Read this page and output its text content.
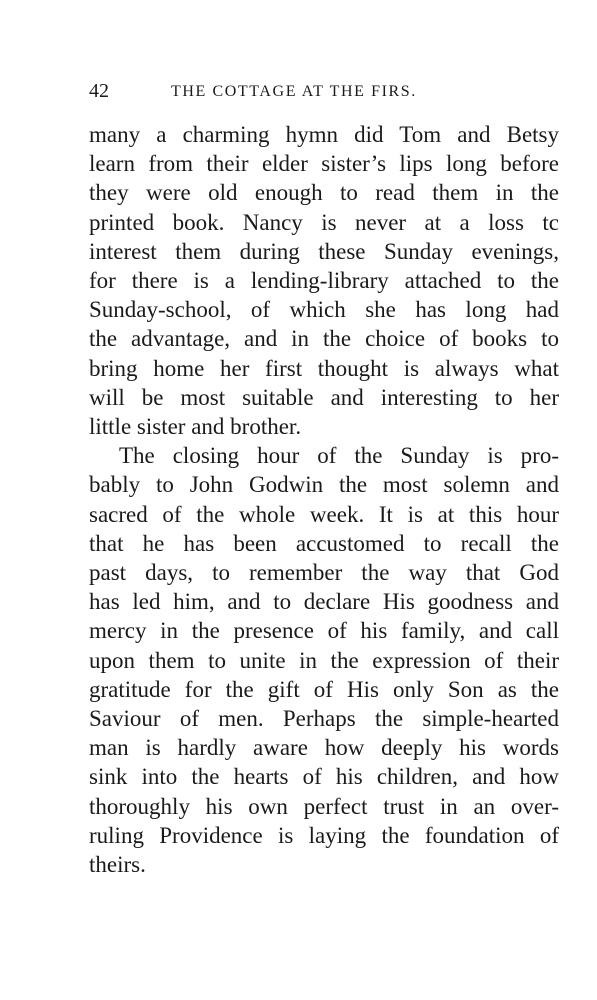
42	THE COTTAGE AT THE FIRS.
many a charming hymn did Tom and Betsy
learn from their elder sister’s lips long before
they were old enough to read them in the
printed book. Nancy is never at a loss tc
interest them during these Sunday evenings,
for there is a lending-library attached to the
Sunday-school, of which she has long had
the advantage, and in the choice of books to
bring home her first thought is always what
will be most suitable and interesting to her
little sister and brother.
The closing hour of the Sunday is pro-
bably to John Godwin the most solemn and
sacred of the whole week. It is at this hour
that he has been accustomed to recall the
past days, to remember the way that God
has led him, and to declare His goodness and
mercy in the presence of his family, and call
upon them to unite in the expression of their
gratitude for the gift of His only Son as the
Saviour of men. Perhaps the simple-hearted
man is hardly aware how deeply his words
sink into the hearts of his children, and how
thoroughly his own perfect trust in an over-
ruling Providence is laying the foundation of
theirs.
